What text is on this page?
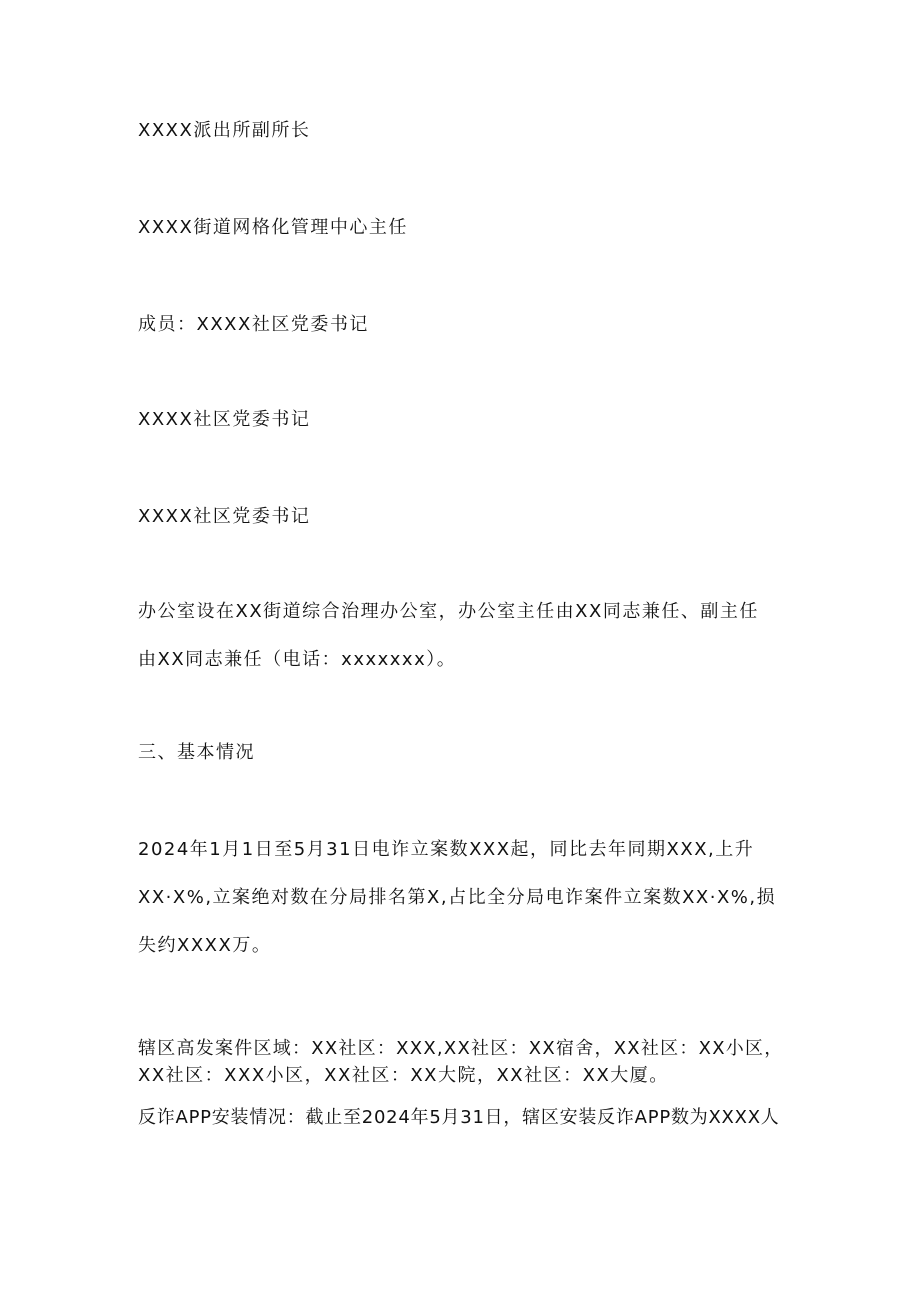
XXXX派出所副所长
XXXX街道网格化管理中心主任
成员：XXXX社区党委书记
XXXX社区党委书记
XXXX社区党委书记
办公室设在XX街道综合治理办公室，办公室主任由XX同志兼任、副主任
由XX同志兼任（电话：xxxxxxx）。
三、基本情况
2024年1月1日至5月31日电诈立案数XXX起，同比去年同期XXX,上升
XX·X%,立案绝对数在分局排名第X,占比全分局电诈案件立案数XX·X%,损
失约XXXX万。
辖区高发案件区域：XX社区：XXX,XX社区：XX宿舍，XX社区：XX小区，
XX社区：XXX小区，XX社区：XX大院，XX社区：XX大厦。
反诈APP安装情况：截止至2024年5月31日，辖区安装反诈APP数为XXXX人
